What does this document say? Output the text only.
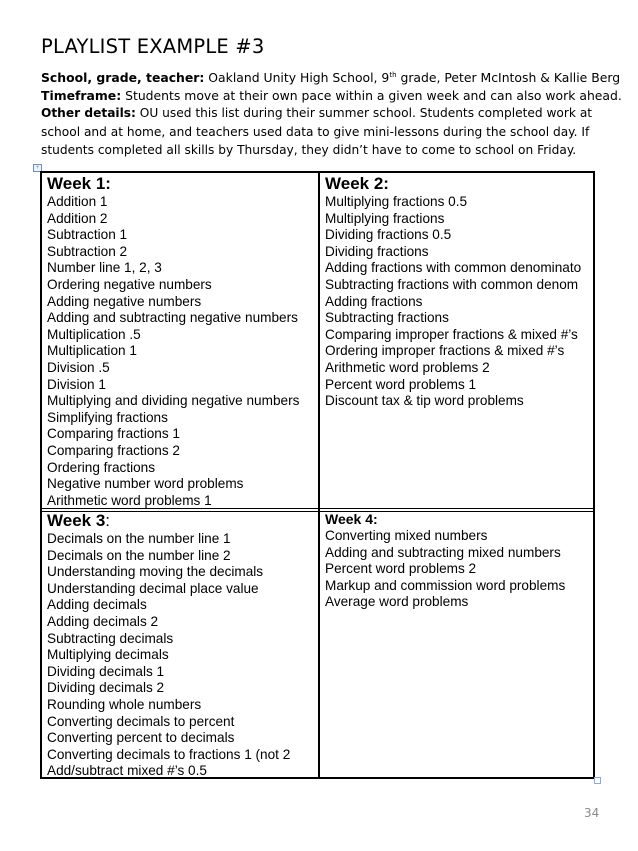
PLAYLIST EXAMPLE #3
School, grade, teacher: Oakland Unity High School, 9th grade, Peter McIntosh & Kallie Berg
Timeframe: Students move at their own pace within a given week and can also work ahead.
Other details: OU used this list during their summer school. Students completed work at school and at home, and teachers used data to give mini-lessons during the school day. If students completed all skills by Thursday, they didn’t have to come to school on Friday.
+
Week 1:
Addition 1
Addition 2
Subtraction 1
Subtraction 2
Number line 1, 2, 3
Ordering negative numbers
Adding negative numbers
Adding and subtracting negative numbers
Multiplication .5
Multiplication 1
Division .5
Division 1
Multiplying and dividing negative numbers
Simplifying fractions
Comparing fractions 1
Comparing fractions 2
Ordering fractions
Negative number word problems
Arithmetic word problems 1
Week 2:
Multiplying fractions 0.5
Multiplying fractions
Dividing fractions 0.5
Dividing fractions
Adding fractions with common denominato
Subtracting fractions with common denom
Adding fractions
Subtracting fractions
Comparing improper fractions & mixed #’s
Ordering improper fractions & mixed #’s
Arithmetic word problems 2
Percent word problems 1
Discount tax & tip word problems
Week 3:
Decimals on the number line 1
Decimals on the number line 2
Understanding moving the decimals
Understanding decimal place value
Adding decimals
Adding decimals 2
Subtracting decimals
Multiplying decimals
Dividing decimals 1
Dividing decimals 2
Rounding whole numbers
Converting decimals to percent
Converting percent to decimals
Converting decimals to fractions 1 (not 2
Add/subtract mixed #’s 0.5
Week 4:
Converting mixed numbers
Adding and subtracting mixed numbers
Percent word problems 2
Markup and commission word problems
Average word problems
34
